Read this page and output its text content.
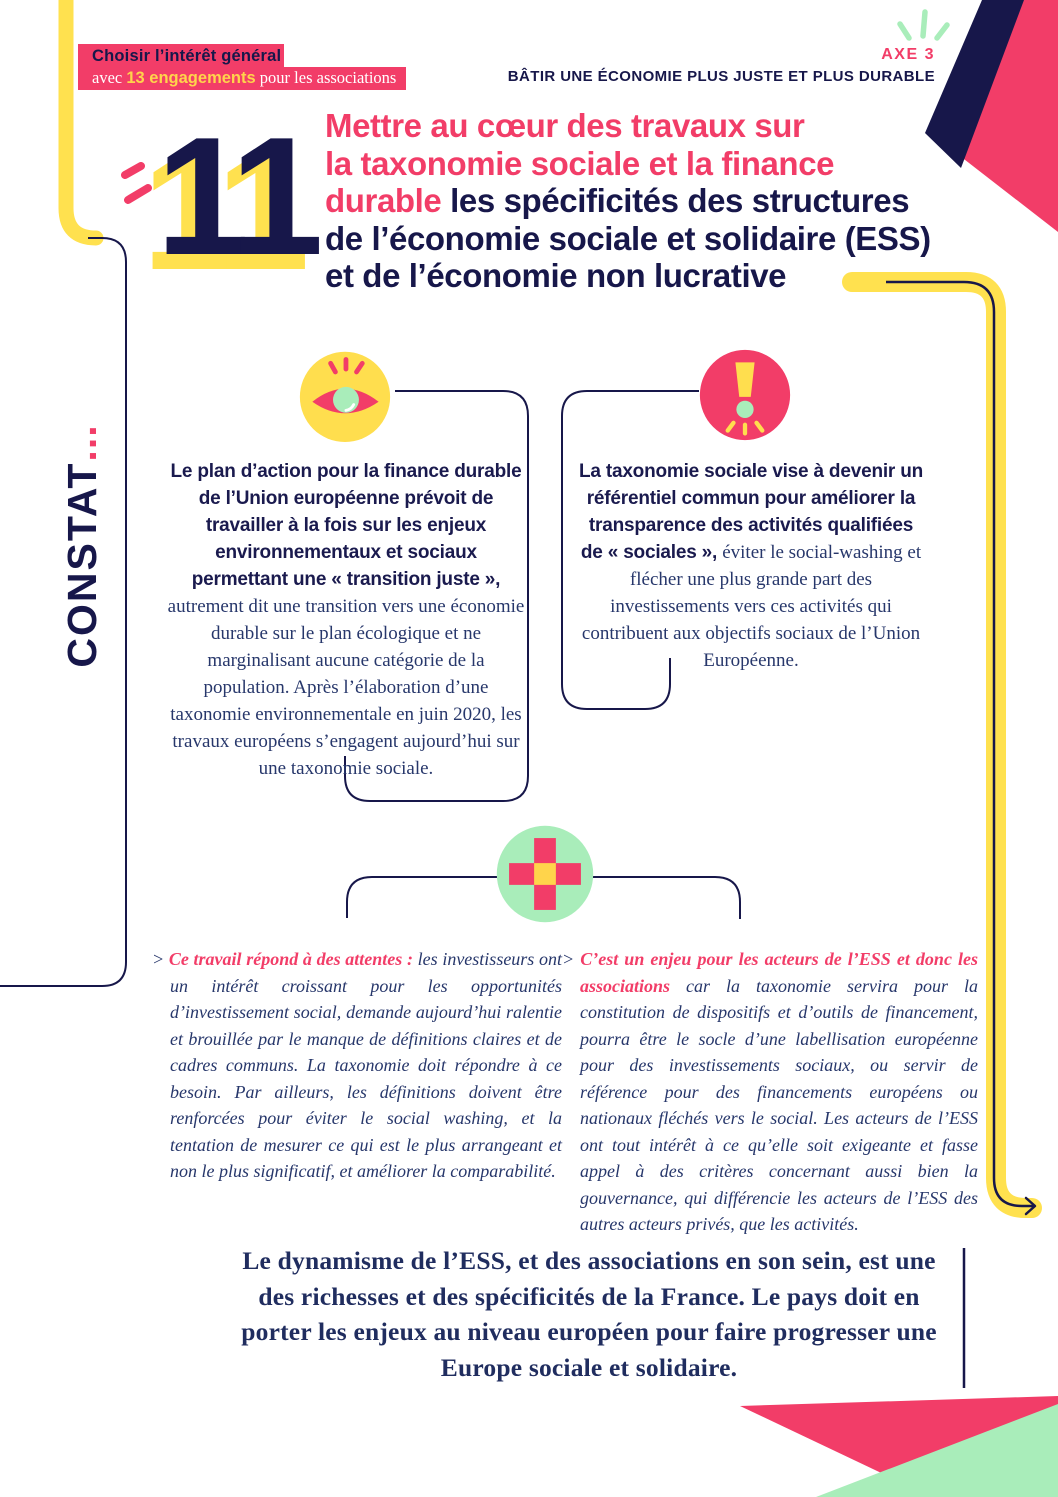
Choisir l’intérêt général
avec 13 engagements pour les associations
AXE 3
BÂTIR UNE ÉCONOMIE PLUS JUSTE ET PLUS DURABLE
11 Mettre au cœur des travaux sur
la taxonomie sociale et la finance
durable les spécificités des structures
de l’économie sociale et solidaire (ESS)
et de l’économie non lucrative
CONSTAT...
Le plan d’action pour la finance durable de l’Union européenne prévoit de travailler à la fois sur les enjeux environnementaux et sociaux permettant une « transition juste », autrement dit une transition vers une économie durable sur le plan écologique et ne marginalisant aucune catégorie de la population. Après l’élaboration d’une taxonomie environnementale en juin 2020, les travaux européens s’engagent aujourd’hui sur une taxonomie sociale.
La taxonomie sociale vise à devenir un référentiel commun pour améliorer la transparence des activités qualifiées de « sociales », éviter le social-washing et flécher une plus grande part des investissements vers ces activités qui contribuent aux objectifs sociaux de l’Union Européenne.
> Ce travail répond à des attentes : les investisseurs ont un intérêt croissant pour les opportunités d’investissement social, demande aujourd’hui ralentie et brouillée par le manque de définitions claires et de cadres communs. La taxonomie doit répondre à ce besoin. Par ailleurs, les définitions doivent être renforcées pour éviter le social washing, et la tentation de mesurer ce qui est le plus arrangeant et non le plus significatif, et améliorer la comparabilité.
> C’est un enjeu pour les acteurs de l’ESS et donc les associations car la taxonomie servira pour la constitution de dispositifs et d’outils de financement, pourra être le socle d’une labellisation européenne pour des investissements sociaux, ou servir de référence pour des financements européens ou nationaux fléchés vers le social. Les acteurs de l’ESS ont tout intérêt à ce qu’elle soit exigeante et fasse appel à des critères concernant aussi bien la gouvernance, qui différencie les acteurs de l’ESS des autres acteurs privés, que les activités.
Le dynamisme de l’ESS, et des associations en son sein, est une des richesses et des spécificités de la France. Le pays doit en porter les enjeux au niveau européen pour faire progresser une Europe sociale et solidaire.
